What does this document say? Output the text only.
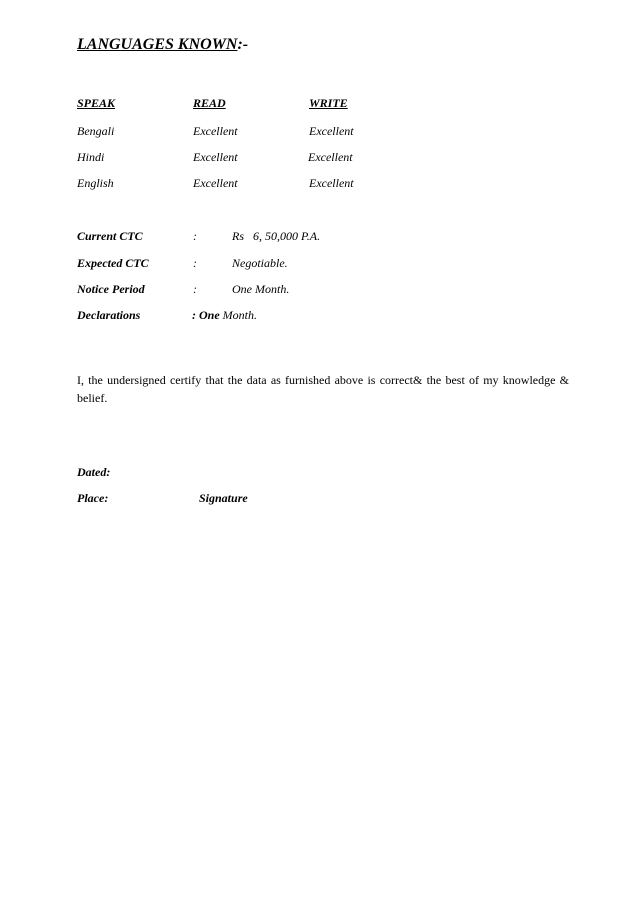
LANGUAGES KNOWN:-
SPEAK	READ	WRITE
Bengali	Excellent	Excellent
Hindi	Excellent	Excellent
English	Excellent	Excellent
Current CTC	:	Rs   6, 50,000 P.A.
Expected CTC	:	Negotiable.
Notice Period	:	One Month.
Declarations	: One Month.
I, the undersigned certify that the data as furnished above is correct& the best of my knowledge & belief.
Dated:
Place:	Signature
